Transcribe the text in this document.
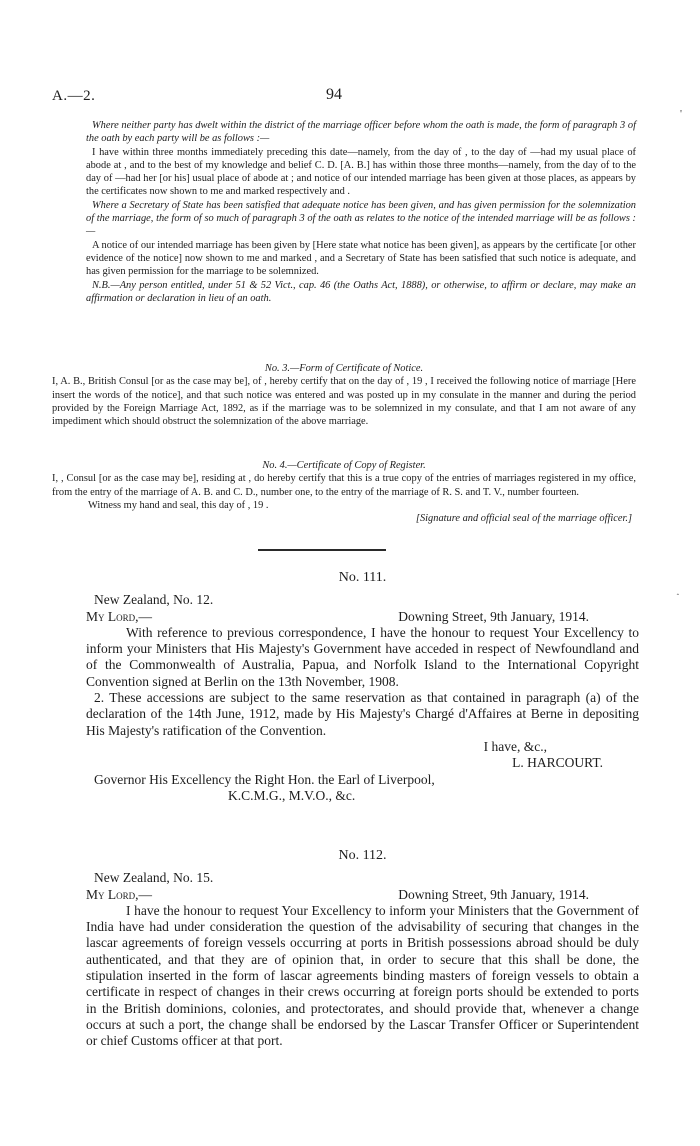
A.—2.	94

Where neither party has dwelt within the district of the marriage officer before whom the oath is made, the form of paragraph 3 of the oath by each party will be as follows :—

I have within three months immediately preceding this date—namely, from the day of , to the day of —had my usual place of abode at , and to the best of my knowledge and belief C. D. [A. B.] has within those three months—namely, from the day of to the day of —had her [or his] usual place of abode at ; and notice of our intended marriage has been given at those places, as appears by the certificates now shown to me and marked respectively and .

Where a Secretary of State has been satisfied that adequate notice has been given, and has given permission for the solemnization of the marriage, the form of so much of paragraph 3 of the oath as relates to the notice of the intended marriage will be as follows :—

A notice of our intended marriage has been given by [Here state what notice has been given], as appears by the certificate [or other evidence of the notice] now shown to me and marked , and a Secretary of State has been satisfied that such notice is adequate, and has given permission for the marriage to be solemnized.

N.B.—Any person entitled, under 51 & 52 Vict., cap. 46 (the Oaths Act, 1888), or otherwise, to affirm or declare, may make an affirmation or declaration in lieu of an oath.

No. 3.—Form of Certificate of Notice.

I, A. B., British Consul [or as the case may be], of , hereby certify that on the day of , 19 , I received the following notice of marriage [Here insert the words of the notice], and that such notice was entered and was posted up in my consulate in the manner and during the period provided by the Foreign Marriage Act, 1892, as if the marriage was to be solemnized in my consulate, and that I am not aware of any impediment which should obstruct the solemnization of the above marriage.

No. 4.—Certificate of Copy of Register.

I, , Consul [or as the case may be], residing at , do hereby certify that this is a true copy of the entries of marriages registered in my office, from the entry of the marriage of A. B. and C. D., number one, to the entry of the marriage of R. S. and T. V., number fourteen.

Witness my hand and seal, this day of , 19 .

[Signature and official seal of the marriage officer.]

No. 111.

New Zealand, No. 12.

My Lord,—	Downing Street, 9th January, 1914.

With reference to previous correspondence, I have the honour to request Your Excellency to inform your Ministers that His Majesty's Government have acceded in respect of Newfoundland and of the Commonwealth of Australia, Papua, and Norfolk Island to the International Copyright Convention signed at Berlin on the 13th November, 1908.

2. These accessions are subject to the same reservation as that contained in paragraph (a) of the declaration of the 14th June, 1912, made by His Majesty's Chargé d'Affaires at Berne in depositing His Majesty's ratification of the Convention.

I have, &c.,

L. HARCOURT.

Governor His Excellency the Right Hon. the Earl of Liverpool,

K.C.M.G., M.V.O., &c.

No. 112.

New Zealand, No. 15.

My Lord,—	Downing Street, 9th January, 1914.

I have the honour to request Your Excellency to inform your Ministers that the Government of India have had under consideration the question of the advisability of securing that changes in the lascar agreements of foreign vessels occurring at ports in British possessions abroad should be duly authenticated, and that they are of opinion that, in order to secure that this shall be done, the stipulation inserted in the form of lascar agreements binding masters of foreign vessels to obtain a certificate in respect of changes in their crews occurring at foreign ports should be extended to ports in the British dominions, colonies, and protectorates, and should provide that, whenever a change occurs at such a port, the change shall be endorsed by the Lascar Transfer Officer or Superintendent or chief Customs officer at that port.

'
˰
